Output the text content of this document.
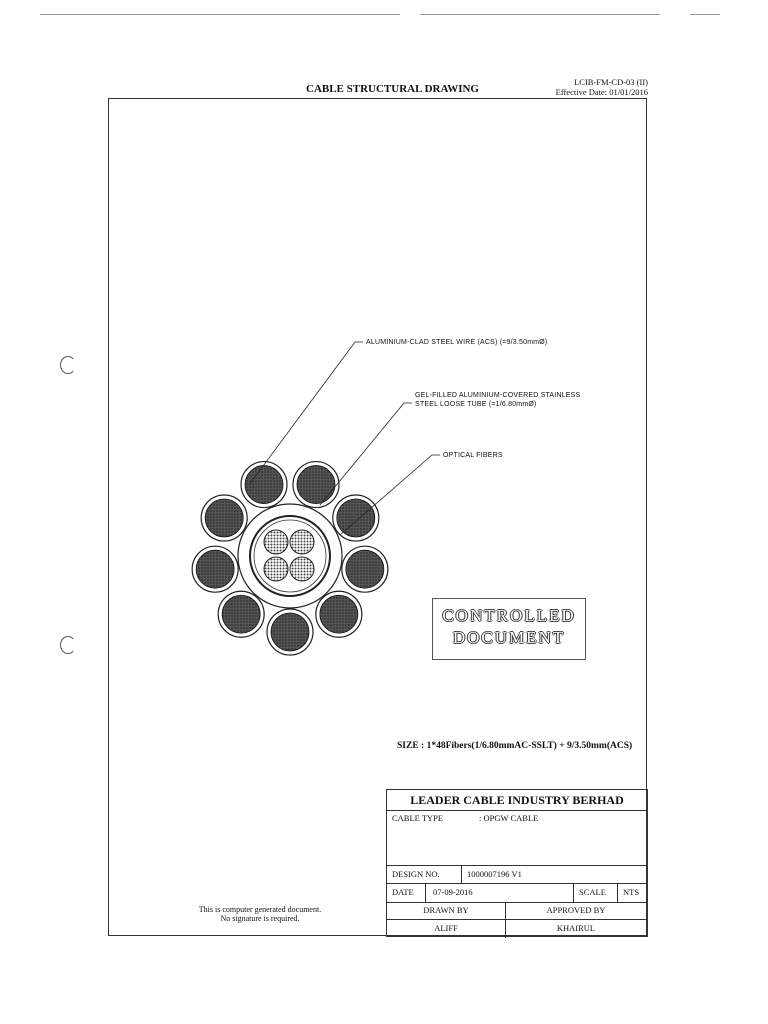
CABLE STRUCTURAL DRAWING
LCIB-FM-CD-03 (II)
Effective Date: 01/01/2016
ALUMINIUM-CLAD STEEL WIRE (ACS) (=9/3.50mmØ)
GEL-FILLED ALUMINIUM-COVERED STAINLESS
STEEL LOOSE TUBE (=1/6.80mmØ)
OPTICAL FIBERS
CONTROLLED
DOCUMENT
SIZE : 1*48Fibers(1/6.80mmAC-SSLT) + 9/3.50mm(ACS)
This is computer generated document.
No signature is required.
LEADER CABLE INDUSTRY BERHAD
CABLE TYPE	: OPGW CABLE
DESIGN NO.	1000007196 V1
DATE 07-09-2016	SCALE NTS
DRAWN BY	APPROVED BY
ALIFF	KHAIRUL
